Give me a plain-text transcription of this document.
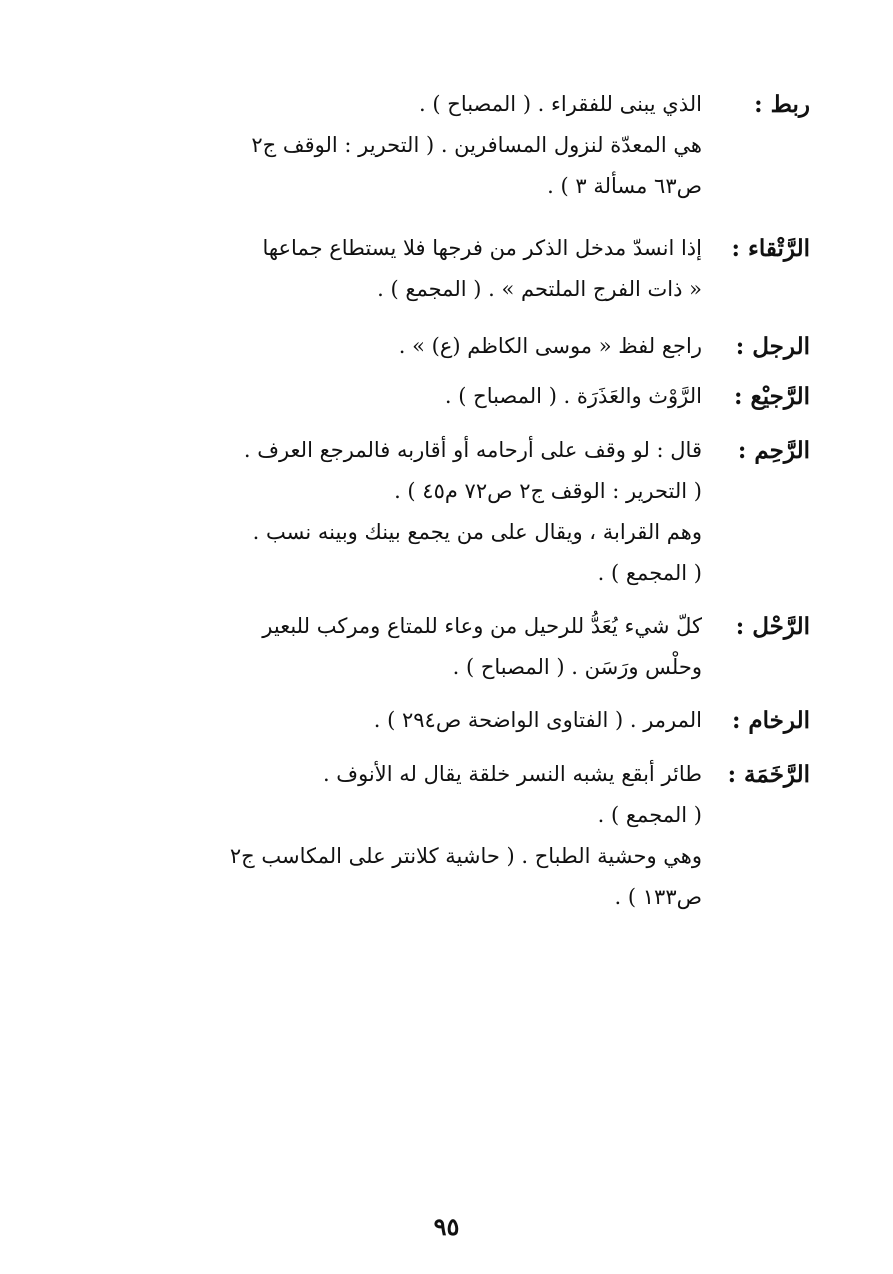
ربط :
الذي يبنى للفقراء . ( المصباح ) .
هي المعدّة لنزول المسافرين . ( التحرير : الوقف ج٢
ص٦٣ مسألة ٣ ) .
الرَّتْقاء :
إذا انسدّ مدخل الذكر من فرجها فلا يستطاع جماعها
« ذات الفرج الملتحم » . ( المجمع ) .
الرجل :
راجع لفظ « موسى الكاظم (ع) » .
الرَّجيْع :
الرَّوْث والعَذَرَة . ( المصباح ) .
الرَّحِم :
قال : لو وقف على أرحامه أو أقاربه فالمرجع العرف .
( التحرير : الوقف ج٢ ص٧٢ م٤٥ ) .
وهم القرابة ، ويقال على من يجمع بينك وبينه نسب .
( المجمع ) .
الرَّحْل :
كلّ شيء يُعَدُّ للرحيل من وعاء للمتاع ومركب للبعير
وحلْس ورَسَن . ( المصباح ) .
الرخام :
المرمر . ( الفتاوى الواضحة ص٢٩٤ ) .
الرَّخَمَة :
طائر أبقع يشبه النسر خلقة يقال له الأنوف .
( المجمع ) .
وهي وحشية الطباح . ( حاشية كلانتر على المكاسب ج٢
ص١٣٣ ) .
٩٥
